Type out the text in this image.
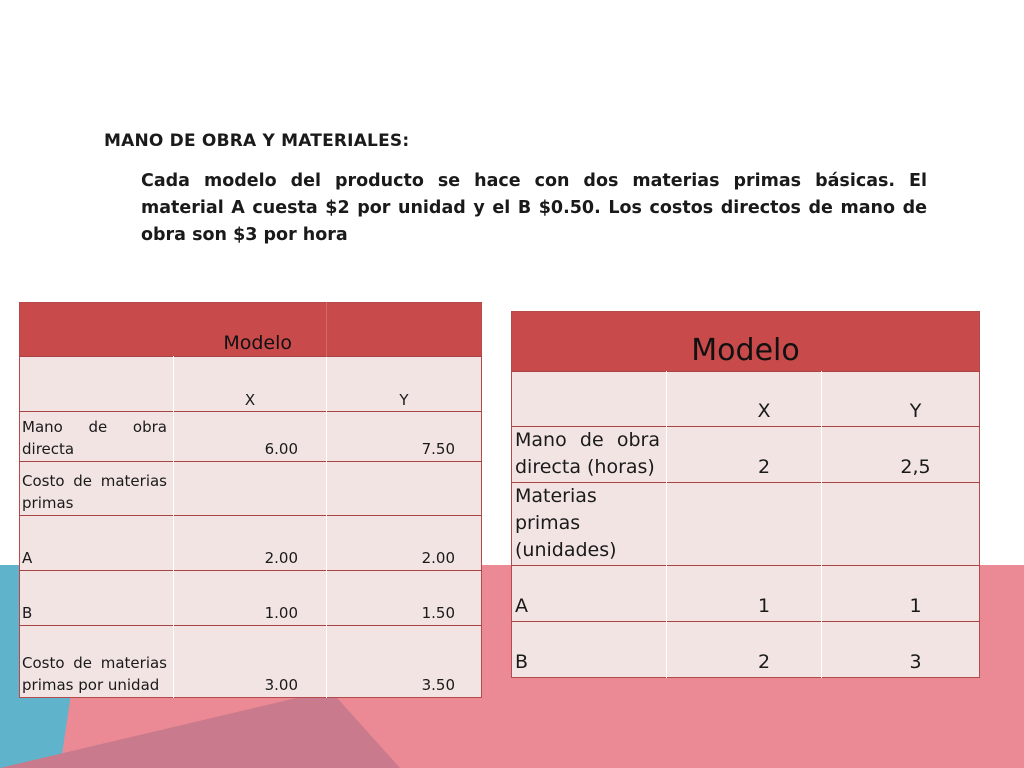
MANO DE OBRA Y MATERIALES:

Cada modelo del producto se hace con dos materias primas básicas. El material A cuesta $2 por unidad y el B $0.50. Los costos directos de mano de obra son $3 por hora

Modelo		
	X	Y
Mano de obra directa	6.00	7.50
Costo de materias primas		
A	2.00	2.00
B	1.00	1.50
Costo de materias primas por unidad	3.00	3.50
Modelo		
	X	Y
Mano de obra directa (horas)	2	2,5
Materias primas (unidades)		
A	1	1
B	2	3
